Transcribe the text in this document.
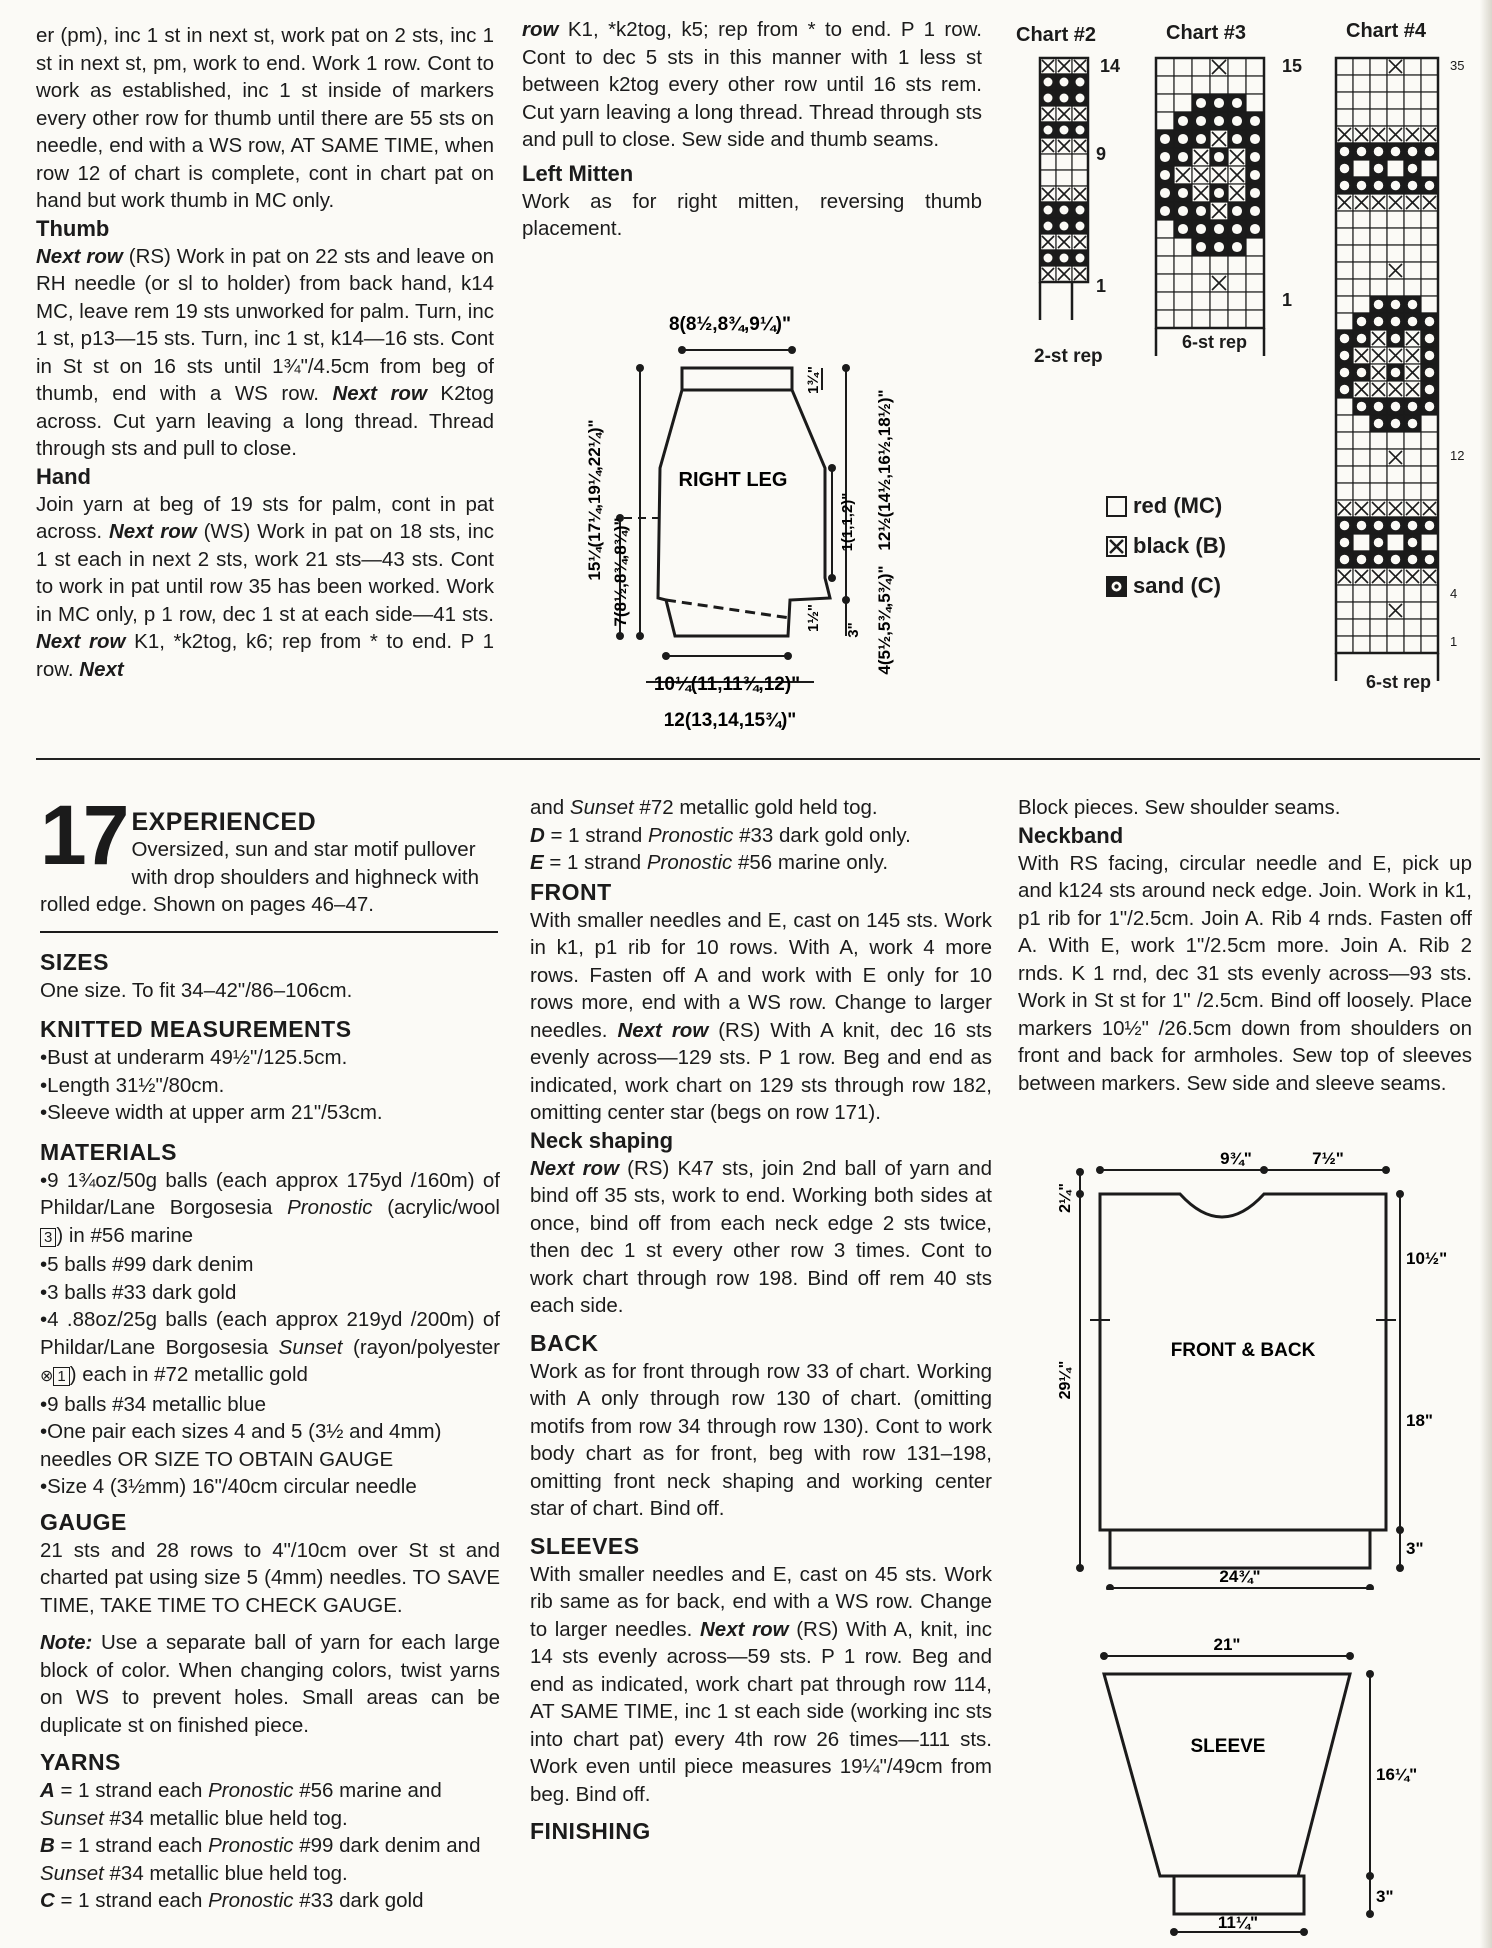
er (pm), inc 1 st in next st, work pat on 2 sts, inc 1 st in next st, pm, work to end. Work 1 row. Cont to work as established, inc 1 st inside of markers every other row for thumb until there are 55 sts on needle, end with a WS row, AT SAME TIME, when row 12 of chart is complete, cont in chart pat on hand but work thumb in MC only.

Thumb

Next row (RS) Work in pat on 22 sts and leave on RH needle (or sl to holder) from back hand, k14 MC, leave rem 19 sts unworked for palm. Turn, inc 1 st, p13—15 sts. Turn, inc 1 st, k14—16 sts. Cont in St st on 16 sts until 1¾"/4.5cm from beg of thumb, end with a WS row. Next row K2tog across. Cut yarn leaving a long thread. Thread through sts and pull to close.

Hand

Join yarn at beg of 19 sts for palm, cont in pat across. Next row (WS) Work in pat on 18 sts, inc 1 st each in next 2 sts, work 21 sts—43 sts. Cont to work in pat until row 35 has been worked. Work in MC only, p 1 row, dec 1 st at each side—41 sts. Next row K1, *k2tog, k6; rep from * to end. P 1 row. Next

row K1, *k2tog, k5; rep from * to end. P 1 row. Cont to dec 5 sts in this manner with 1 less st between k2tog every other row until 16 sts rem. Cut yarn leaving a long thread. Thread through sts and pull to close. Sew side and thumb seams.

Left Mitten

Work as for right mitten, reversing thumb placement.

8(8½,8¾,9¼)"
RIGHT LEG
10¼(11,11¾,12)"
12(13,14,15¾)"
15¼(17¼,19¼,22¼)" 7(8½,8¾,8¾)"
1¾"
1(1,1,2)"
1½" 3"
12½(14½,16½,18½)"
4(5½,5¾,5¾)"
Chart #2	Chart #3	Chart #4
14
9
1
2-st rep
15
1
6-st rep
35
12
4
1
6-st rep
red (MC)
black (B)
sand (C)
17 EXPERIENCED
Oversized, sun and star motif pullover with drop shoulders and highneck with rolled edge. Shown on pages 46–47.

SIZES

One size. To fit 34–42"/86–106cm.

KNITTED MEASUREMENTS

•Bust at underarm 49½"/125.5cm.

•Length 31½"/80cm.

•Sleeve width at upper arm 21"/53cm.

MATERIALS

•9 1¾oz/50g balls (each approx 175yd /160m) of Phildar/Lane Borgosesia Pronostic (acrylic/wool 3 ) in #56 marine

•5 balls #99 dark denim

•3 balls #33 dark gold

•4 .88oz/25g balls (each approx 219yd /200m) of Phildar/Lane Borgosesia Sunset (rayon/polyester ⊗ 1 ) each in #72 metallic gold

•9 balls #34 metallic blue

•One pair each sizes 4 and 5 (3½ and 4mm) needles OR SIZE TO OBTAIN GAUGE

•Size 4 (3½mm) 16"/40cm circular needle

GAUGE

21 sts and 28 rows to 4"/10cm over St st and charted pat using size 5 (4mm) needles. TO SAVE TIME, TAKE TIME TO CHECK GAUGE.

Note: Use a separate ball of yarn for each large block of color. When changing colors, twist yarns on WS to prevent holes. Small areas can be duplicate st on finished piece.

YARNS

A = 1 strand each Pronostic #56 marine and Sunset #34 metallic blue held tog.

B = 1 strand each Pronostic #99 dark denim and Sunset #34 metallic blue held tog.

C = 1 strand each Pronostic #33 dark gold

and Sunset #72 metallic gold held tog.

D = 1 strand Pronostic #33 dark gold only.

E = 1 strand Pronostic #56 marine only.

FRONT

With smaller needles and E, cast on 145 sts. Work in k1, p1 rib for 10 rows. With A, work 4 more rows. Fasten off A and work with E only for 10 rows more, end with a WS row. Change to larger needles. Next row (RS) With A knit, dec 16 sts evenly across—129 sts. P 1 row. Beg and end as indicated, work chart on 129 sts through row 182, omitting center star (begs on row 171).

Neck shaping

Next row (RS) K47 sts, join 2nd ball of yarn and bind off 35 sts, work to end. Working both sides at once, bind off from each neck edge 2 sts twice, then dec 1 st every other row 3 times. Cont to work chart through row 198. Bind off rem 40 sts each side.

BACK

Work as for front through row 33 of chart. Working with A only through row 130 of chart. (omitting motifs from row 34 through row 130). Cont to work body chart as for front, beg with row 131–198, omitting front neck shaping and working center star of chart. Bind off.

SLEEVES

With smaller needles and E, cast on 45 sts. Work rib same as for back, end with a WS row. Change to larger needles. Next row (RS) With A, knit, inc 14 sts evenly across—59 sts. P 1 row. Beg and end as indicated, work chart pat through row 114, AT SAME TIME, inc 1 st each side (working inc sts into chart pat) every 4th row 26 times—111 sts. Work even until piece measures 19¼"/49cm from beg. Bind off.

FINISHING

Block pieces. Sew shoulder seams.

Neckband

With RS facing, circular needle and E, pick up and k124 sts around neck edge. Join. Work in k1, p1 rib for 1"/2.5cm. Join A. Rib 4 rnds. Fasten off A. With E, work 1"/2.5cm more. Join A. Rib 2 rnds. K 1 rnd, dec 31 sts evenly across—93 sts. Work in St st for 1" /2.5cm. Bind off loosely. Place markers 10½" /26.5cm down from shoulders on front and back for armholes. Sew top of sleeves between markers. Sew side and sleeve seams.

9¾"	7½"
2¼"
29¼"
FRONT & BACK
10½"
18"
3"
24¾"
21"
SLEEVE
16¼"
3"
11¼"
